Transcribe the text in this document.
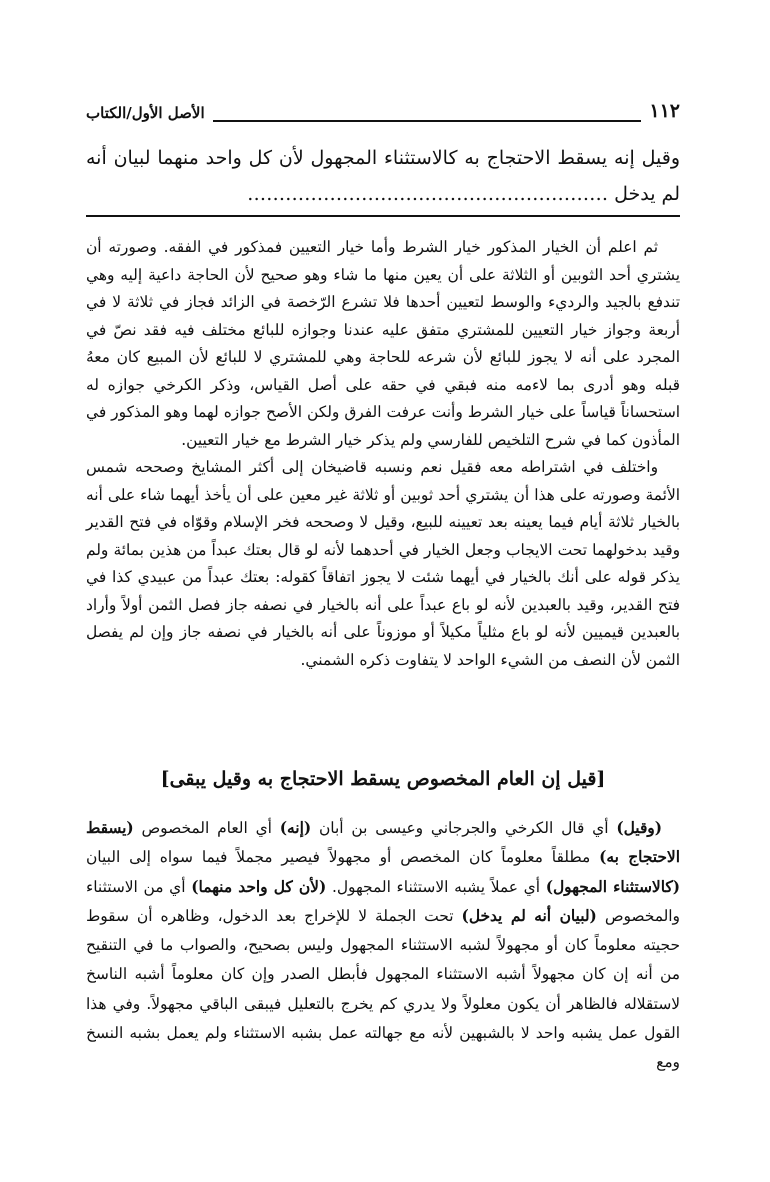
١١٢
الأصل الأول/الكتاب

وقيل إنه يسقط الاحتجاج به كالاستثناء المجهول لأن كل واحد منهما لبيان أنه لم يدخل …………………………………………………

ثم اعلم أن الخيار المذكور خيار الشرط وأما خيار التعيين فمذكور في الفقه. وصورته أن يشتري أحد الثوبين أو الثلاثة على أن يعين منها ما شاء وهو صحيح لأن الحاجة داعية إليه وهي تندفع بالجيد والرديء والوسط لتعيين أحدها فلا تشرع الرّخصة في الزائد فجاز في ثلاثة لا في أربعة وجواز خيار التعيين للمشتري متفق عليه عندنا وجوازه للبائع مختلف فيه فقد نصّ في المجرد على أنه لا يجوز للبائع لأن شرعه للحاجة وهي للمشتري لا للبائع لأن المبيع كان معهُ قبله وهو أدرى بما لاءمه منه فبقي في حقه على أصل القياس، وذكر الكرخي جوازه له استحساناً قياساً على خيار الشرط وأنت عرفت الفرق ولكن الأصح جوازه لهما وهو المذكور في المأذون كما في شرح التلخيص للفارسي ولم يذكر خيار الشرط مع خيار التعيين.

واختلف في اشتراطه معه فقيل نعم ونسبه قاضيخان إلى أكثر المشايخ وصححه شمس الأئمة وصورته على هذا أن يشتري أحد ثوبين أو ثلاثة غير معين على أن يأخذ أيهما شاء على أنه بالخيار ثلاثة أيام فيما يعينه بعد تعيينه للبيع، وقيل لا وصححه فخر الإسلام وقوّاه في فتح القدير وقيد بدخولهما تحت الايجاب وجعل الخيار في أحدهما لأنه لو قال بعتك عبداً من هذين بمائة ولم يذكر قوله على أنك بالخيار في أيهما شئت لا يجوز اتفاقاً كقوله: بعتك عبداً من عبيدي كذا في فتح القدير، وقيد بالعبدين لأنه لو باع عبداً على أنه بالخيار في نصفه جاز فصل الثمن أولاً وأراد بالعبدين قيميين لأنه لو باع مثلياً مكيلاً أو موزوناً على أنه بالخيار في نصفه جاز وإن لم يفصل الثمن لأن النصف من الشيء الواحد لا يتفاوت ذكره الشمني.

[قيل إن العام المخصوص يسقط الاحتجاج به وقيل يبقى]

(وقيل) أي قال الكرخي والجرجاني وعيسى بن أبان (إنه) أي العام المخصوص (يسقط الاحتجاج به) مطلقاً معلوماً كان المخصص أو مجهولاً فيصير مجملاً فيما سواه إلى البيان (كالاستثناء المجهول) أي عملاً يشبه الاستثناء المجهول. (لأن كل واحد منهما) أي من الاستثناء والمخصوص (لبيان أنه لم يدخل) تحت الجملة لا للإخراج بعد الدخول، وظاهره أن سقوط حجيته معلوماً كان أو مجهولاً لشبه الاستثناء المجهول وليس بصحيح، والصواب ما في التنقيح من أنه إن كان مجهولاً أشبه الاستثناء المجهول فأبطل الصدر وإن كان معلوماً أشبه الناسخ لاستقلاله فالظاهر أن يكون معلولاً ولا يدري كم يخرج بالتعليل فيبقى الباقي مجهولاً. وفي هذا القول عمل يشبه واحد لا بالشبهين لأنه مع جهالته عمل بشبه الاستثناء ولم يعمل بشبه النسخ ومع
